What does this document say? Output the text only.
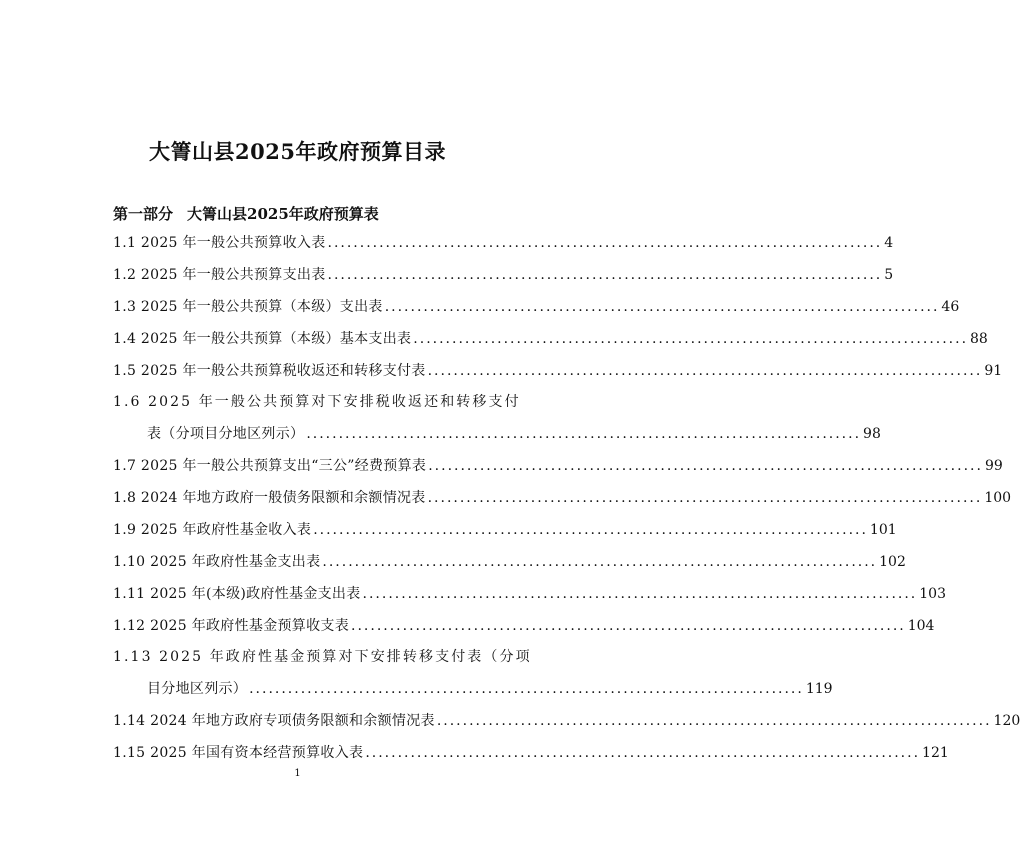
大箐山县2025年政府预算目录
第一部分 大箐山县2025年政府预算表
1.1 2025 年一般公共预算收入表 ...................................................................................... 4
1.2 2025 年一般公共预算支出表 ...................................................................................... 5
1.3 2025 年一般公共预算（本级）支出表 ...................................................................................... 46
1.4 2025 年一般公共预算（本级）基本支出表 ...................................................................................... 88
1.5 2025 年一般公共预算税收返还和转移支付表 ...................................................................................... 91
1.6 2025 年一般公共预算对下安排税收返还和转移支付
表（分项目分地区列示） ...................................................................................... 98
1.7 2025 年一般公共预算支出“三公”经费预算表 ...................................................................................... 99
1.8 2024 年地方政府一般债务限额和余额情况表 ...................................................................................... 100
1.9 2025 年政府性基金收入表 ...................................................................................... 101
1.10 2025 年政府性基金支出表 ...................................................................................... 102
1.11 2025 年(本级)政府性基金支出表 ...................................................................................... 103
1.12 2025 年政府性基金预算收支表 ...................................................................................... 104
1.13 2025 年政府性基金预算对下安排转移支付表（分项
目分地区列示） ...................................................................................... 119
1.14 2024 年地方政府专项债务限额和余额情况表 ...................................................................................... 120
1.15 2025 年国有资本经营预算收入表 ...................................................................................... 121
1
